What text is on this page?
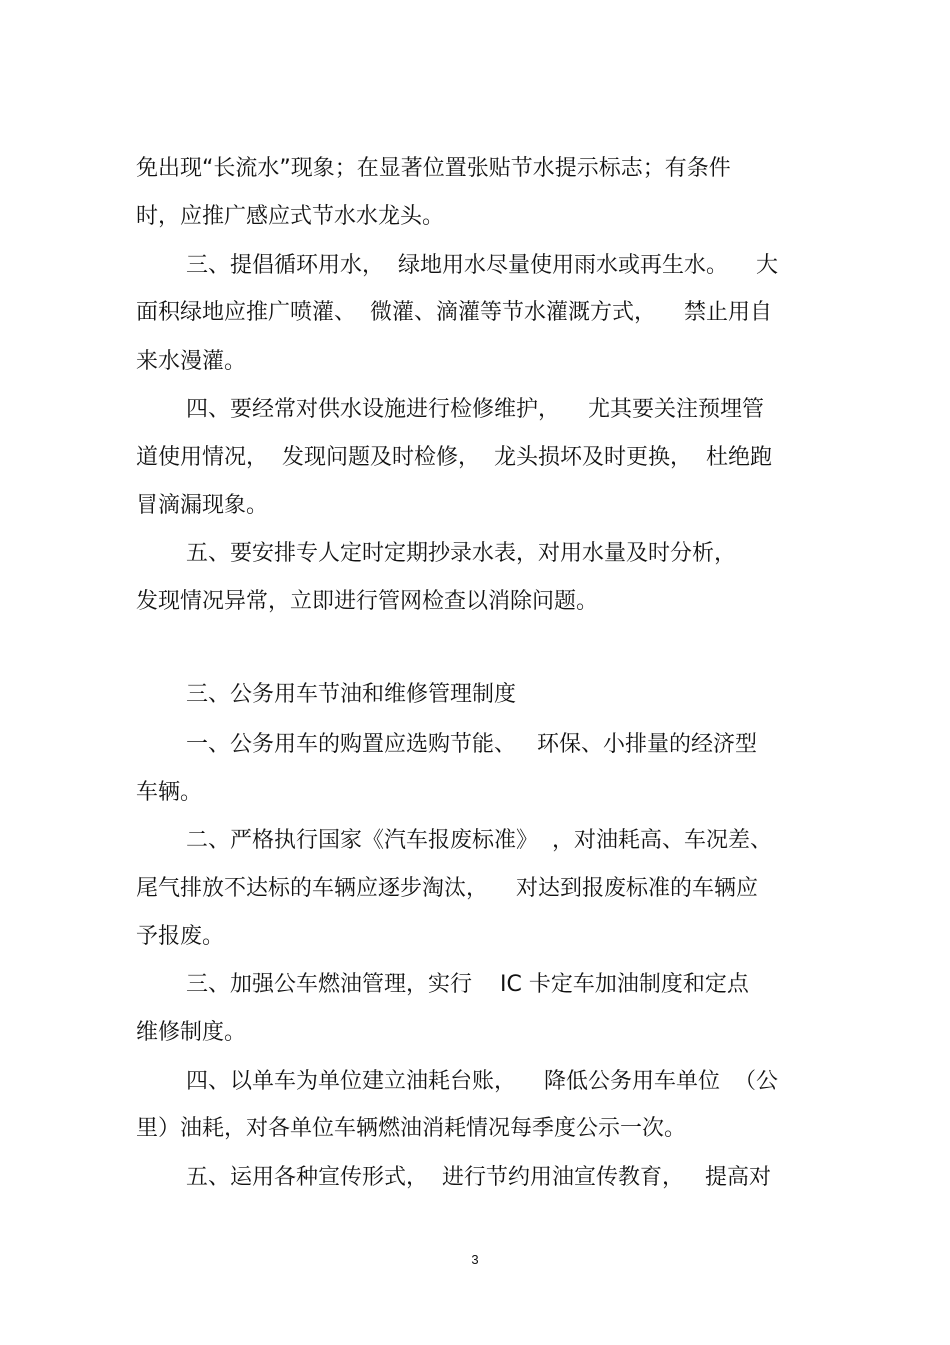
免出现“长流水”现象；在显著位置张贴节水提示标志；有条件

时，应推广感应式节水水龙头。

三、提倡循环用水，  绿地用水尽量使用雨水或再生水。    大

面积绿地应推广喷灌、  微灌、滴灌等节水灌溉方式，    禁止用自

来水漫灌。

四、要经常对供水设施进行检修维护，    尤其要关注预埋管

道使用情况，  发现问题及时检修，  龙头损坏及时更换，  杜绝跑

冒滴漏现象。

五、要安排专人定时定期抄录水表，对用水量及时分析，

发现情况异常，立即进行管网检查以消除问题。

三、公务用车节油和维修管理制度

一、公务用车的购置应选购节能、   环保、小排量的经济型

车辆。

二、严格执行国家《汽车报废标准》  ，对油耗高、车况差、

尾气排放不达标的车辆应逐步淘汰，    对达到报废标准的车辆应

予报废。

三、加强公车燃油管理，实行    IC 卡定车加油制度和定点

维修制度。

四、以单车为单位建立油耗台账，    降低公务用车单位  （公

里）油耗，对各单位车辆燃油消耗情况每季度公示一次。

五、运用各种宣传形式，  进行节约用油宣传教育，   提高对

3
